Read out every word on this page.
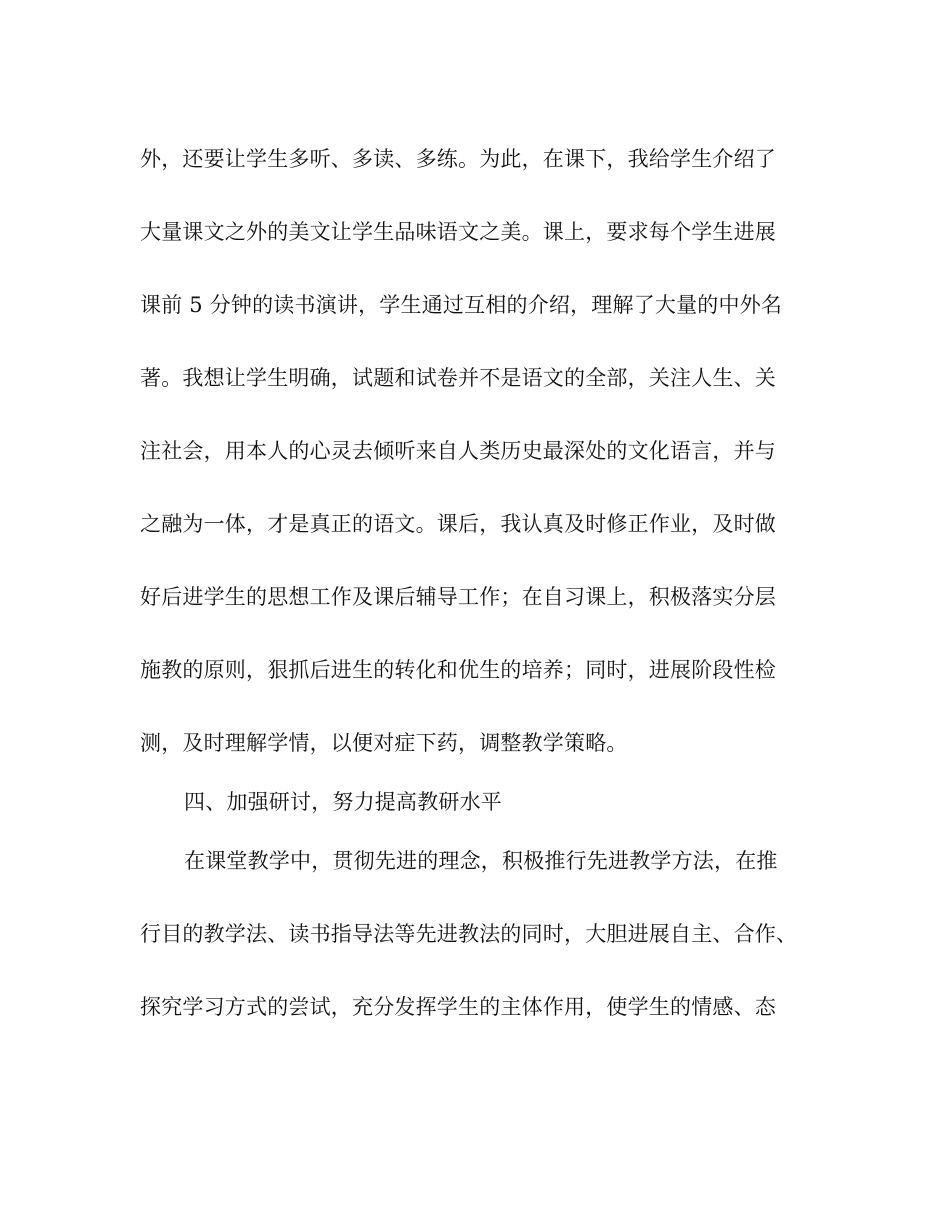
外，还要让学生多听、多读、多练。为此，在课下，我给学生介绍了
大量课文之外的美文让学生品味语文之美。课上，要求每个学生进展
课前 5 分钟的读书演讲，学生通过互相的介绍，理解了大量的中外名
著。我想让学生明确，试题和试卷并不是语文的全部，关注人生、关
注社会，用本人的心灵去倾听来自人类历史最深处的文化语言，并与
之融为一体，才是真正的语文。课后，我认真及时修正作业，及时做
好后进学生的思想工作及课后辅导工作；在自习课上，积极落实分层
施教的原则，狠抓后进生的转化和优生的培养；同时，进展阶段性检
测，及时理解学情，以便对症下药，调整教学策略。
四、加强研讨，努力提高教研水平
在课堂教学中，贯彻先进的理念，积极推行先进教学方法，在推
行目的教学法、读书指导法等先进教法的同时，大胆进展自主、合作、
探究学习方式的尝试，充分发挥学生的主体作用，使学生的情感、态
